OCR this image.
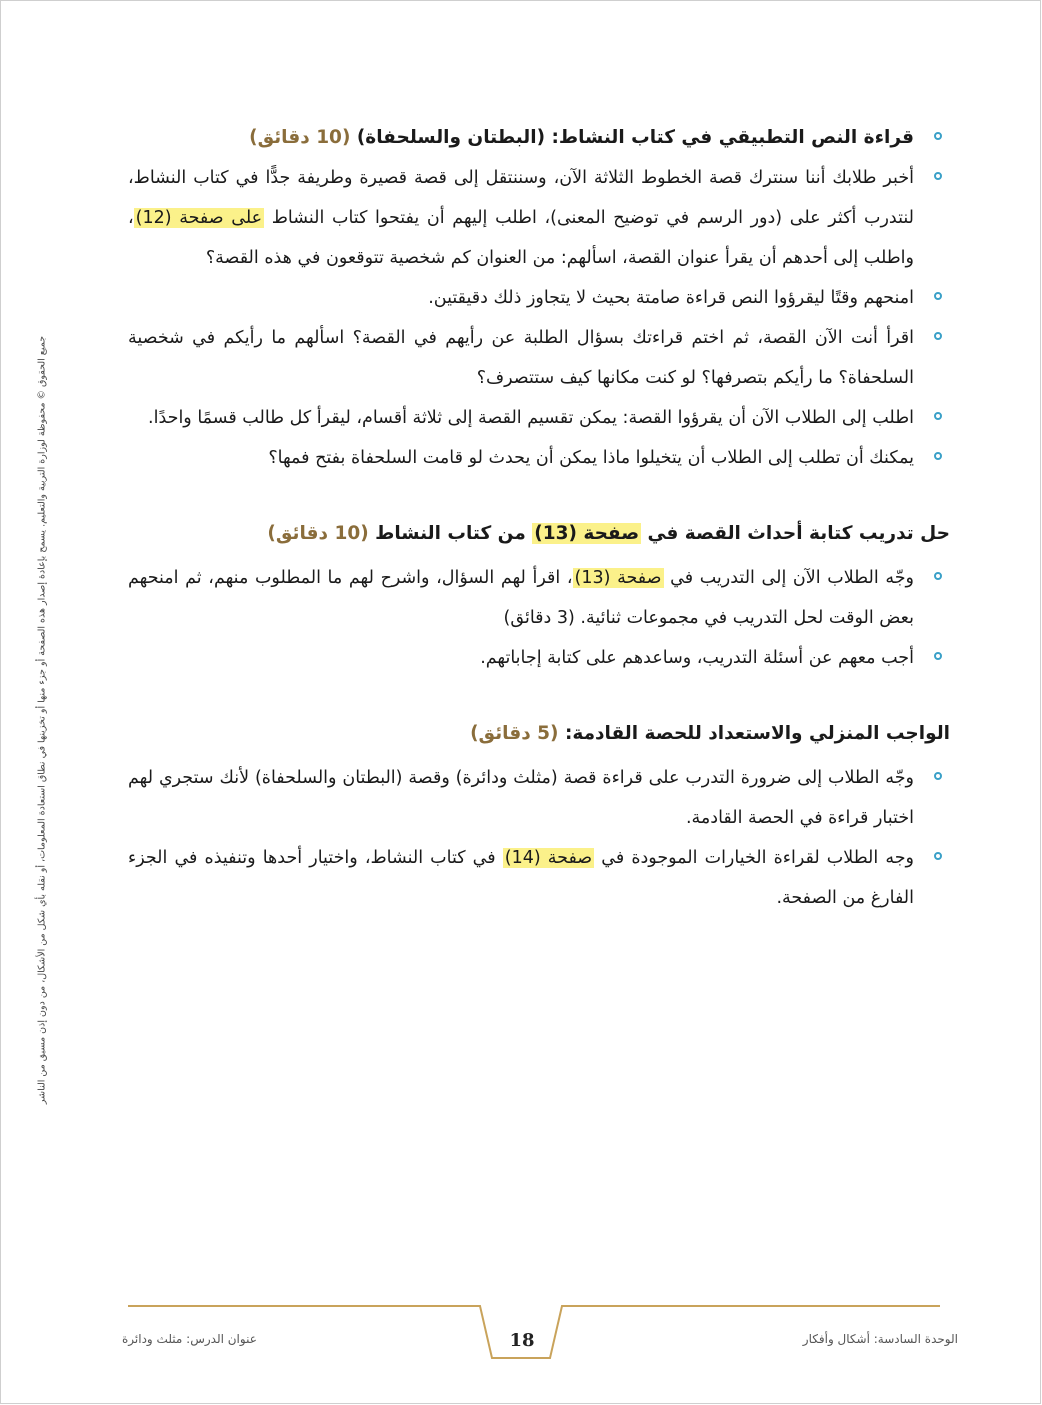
جميع الحقوق © محفوظة لوزارة التربية والتعليم. يسمح بإعادة إصدار هذه الصفحة أو جزء منها أو تخزينها في نطاق استعادة المعلومات، أو نقله بأي شكل من الأشكال، من دون إذن مسبق من الناشر
قراءة النص التطبيقي في كتاب النشاط: (البطتان والسلحفاة) (10 دقائق)
أخبر طلابك أننا سنترك قصة الخطوط الثلاثة الآن، وسننتقل إلى قصة قصيرة وطريفة جدًّا في كتاب النشاط، لنتدرب أكثر على (دور الرسم في توضيح المعنى)، اطلب إليهم أن يفتحوا كتاب النشاط على صفحة (12)، واطلب إلى أحدهم أن يقرأ عنوان القصة، اسألهم: من العنوان كم شخصية تتوقعون في هذه القصة؟
امنحهم وقتًا ليقرؤوا النص قراءة صامتة بحيث لا يتجاوز ذلك دقيقتين.
اقرأ أنت الآن القصة، ثم اختم قراءتك بسؤال الطلبة عن رأيهم في القصة؟ اسألهم ما رأيكم في شخصية السلحفاة؟ ما رأيكم بتصرفها؟ لو كنت مكانها كيف ستتصرف؟
اطلب إلى الطلاب الآن أن يقرؤوا القصة: يمكن تقسيم القصة إلى ثلاثة أقسام، ليقرأ كل طالب قسمًا واحدًا.
يمكنك أن تطلب إلى الطلاب أن يتخيلوا ماذا يمكن أن يحدث لو قامت السلحفاة بفتح فمها؟
حل تدريب كتابة أحداث القصة في صفحة (13) من كتاب النشاط (10 دقائق)
وجّه الطلاب الآن إلى التدريب في صفحة (13)، اقرأ لهم السؤال، واشرح لهم ما المطلوب منهم، ثم امنحهم بعض الوقت لحل التدريب في مجموعات ثنائية. (3 دقائق)
أجب معهم عن أسئلة التدريب، وساعدهم على كتابة إجاباتهم.
الواجب المنزلي والاستعداد للحصة القادمة: (5 دقائق)
وجّه الطلاب إلى ضرورة التدرب على قراءة قصة (مثلث ودائرة) وقصة (البطتان والسلحفاة) لأنك ستجري لهم اختبار قراءة في الحصة القادمة.
وجه الطلاب لقراءة الخيارات الموجودة في صفحة (14) في كتاب النشاط، واختيار أحدها وتنفيذه في الجزء الفارغ من الصفحة.
18	الوحدة السادسة: أشكال وأفكار
عنوان الدرس: مثلث ودائرة
